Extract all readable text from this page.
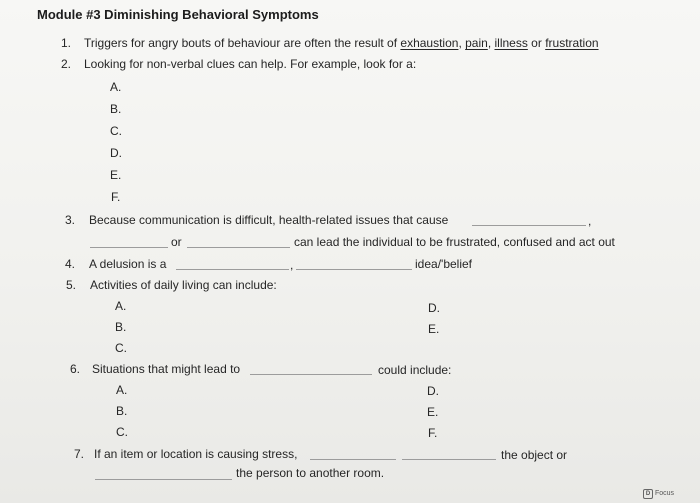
Module #3 Diminishing Behavioral Symptoms
1. Triggers for angry bouts of behaviour are often the result of exhaustion, pain, illness or frustration
2. Looking for non-verbal clues can help. For example, look for a:
A.
B.
C.
D.
E.
F.
3. Because communication is difficult, health-related issues that cause	,
or	can lead the individual to be frustrated, confused and act out
4. A delusion is a	,	idea/'belief
5. Activities of daily living can include:
A.
B.
C.
D.
E.
6. Situations that might lead to	could include:
A.
B.
C.
D.
E.
F.
7. If an item or location is causing stress,	the object or
the person to another room.
D Focus
